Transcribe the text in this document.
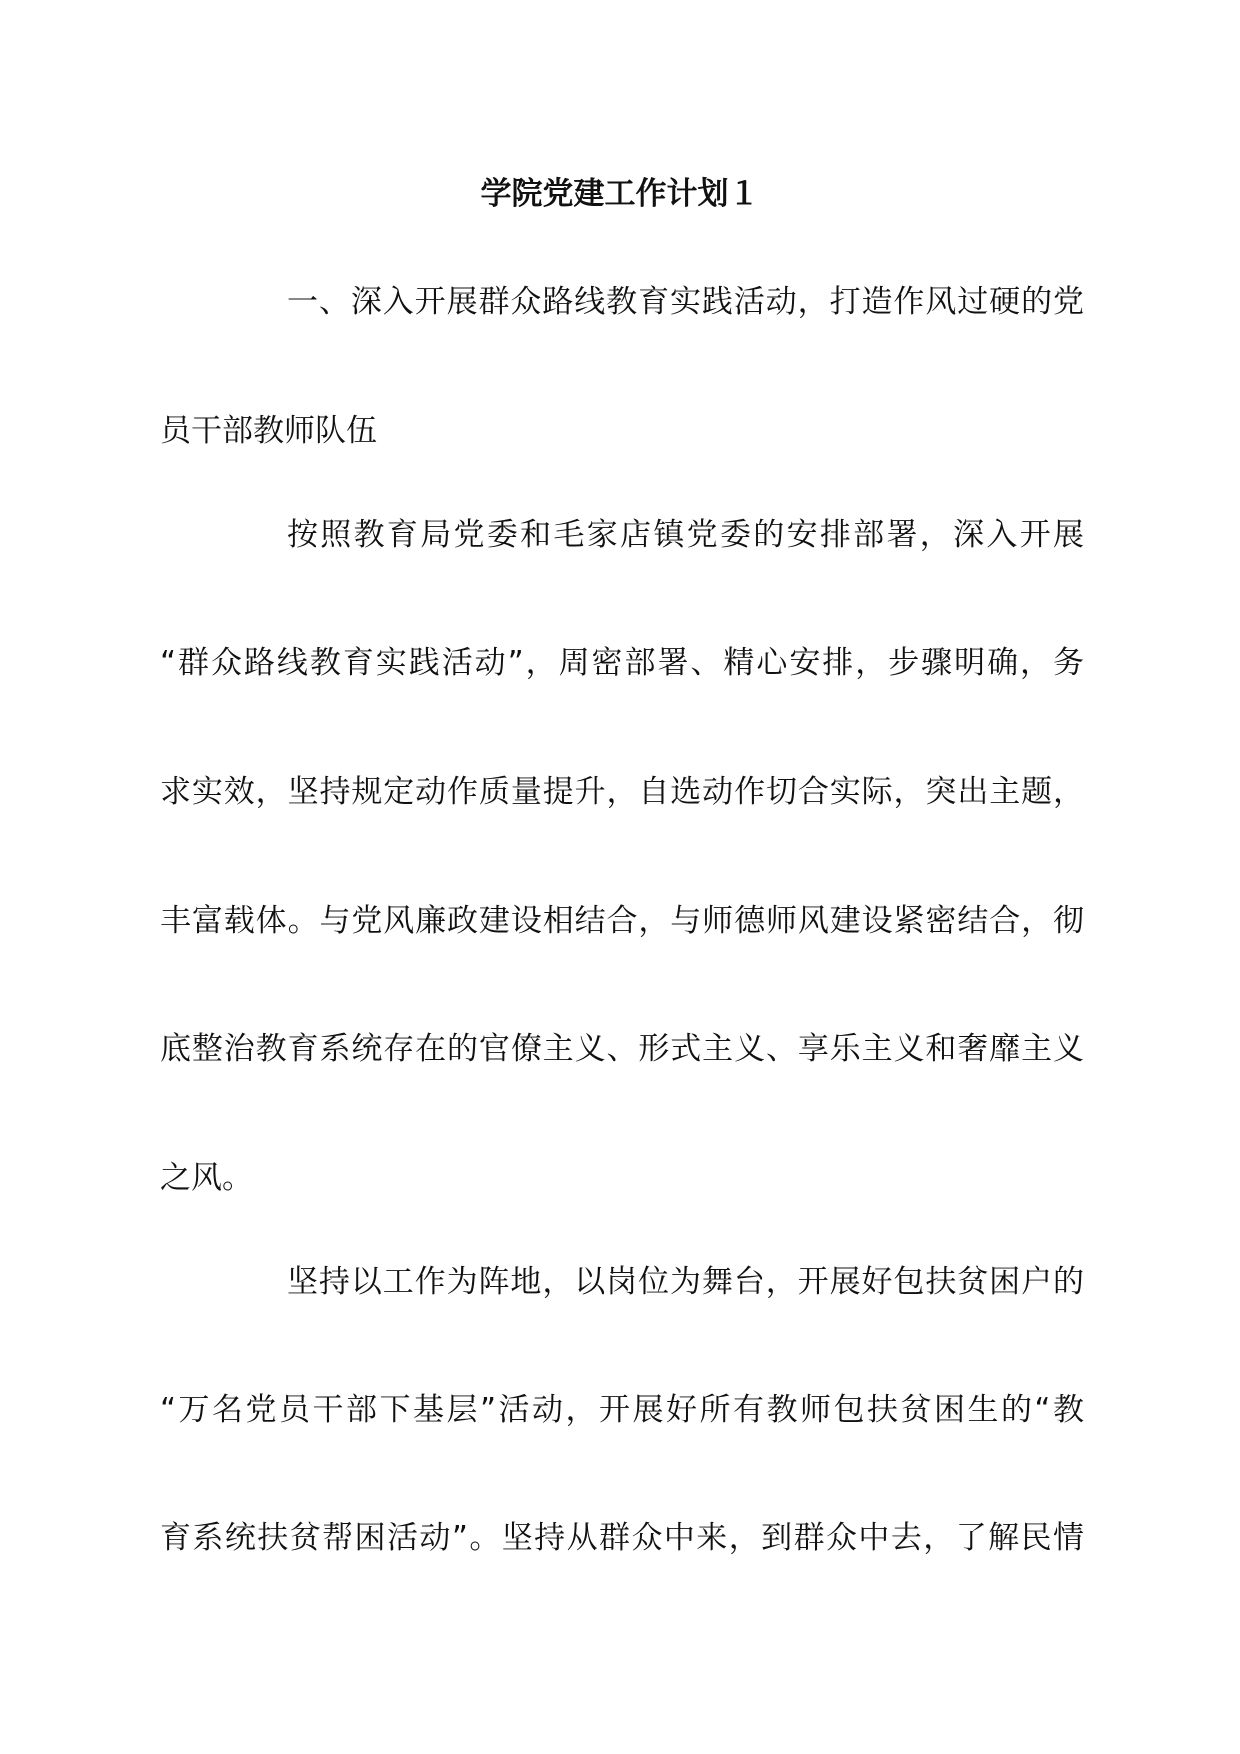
学院党建工作计划１

一、深入开展群众路线教育实践活动，打造作风过硬的党

员干部教师队伍

按照教育局党委和毛家店镇党委的安排部署，深入开展

“群众路线教育实践活动”，周密部署、精心安排，步骤明确，务

求实效，坚持规定动作质量提升，自选动作切合实际，突出主题，

丰富载体。与党风廉政建设相结合，与师德师风建设紧密结合，彻

底整治教育系统存在的官僚主义、形式主义、享乐主义和奢靡主义

之风。

坚持以工作为阵地，以岗位为舞台，开展好包扶贫困户的

“万名党员干部下基层”活动，开展好所有教师包扶贫困生的“教

育系统扶贫帮困活动”。坚持从群众中来，到群众中去，了解民情
